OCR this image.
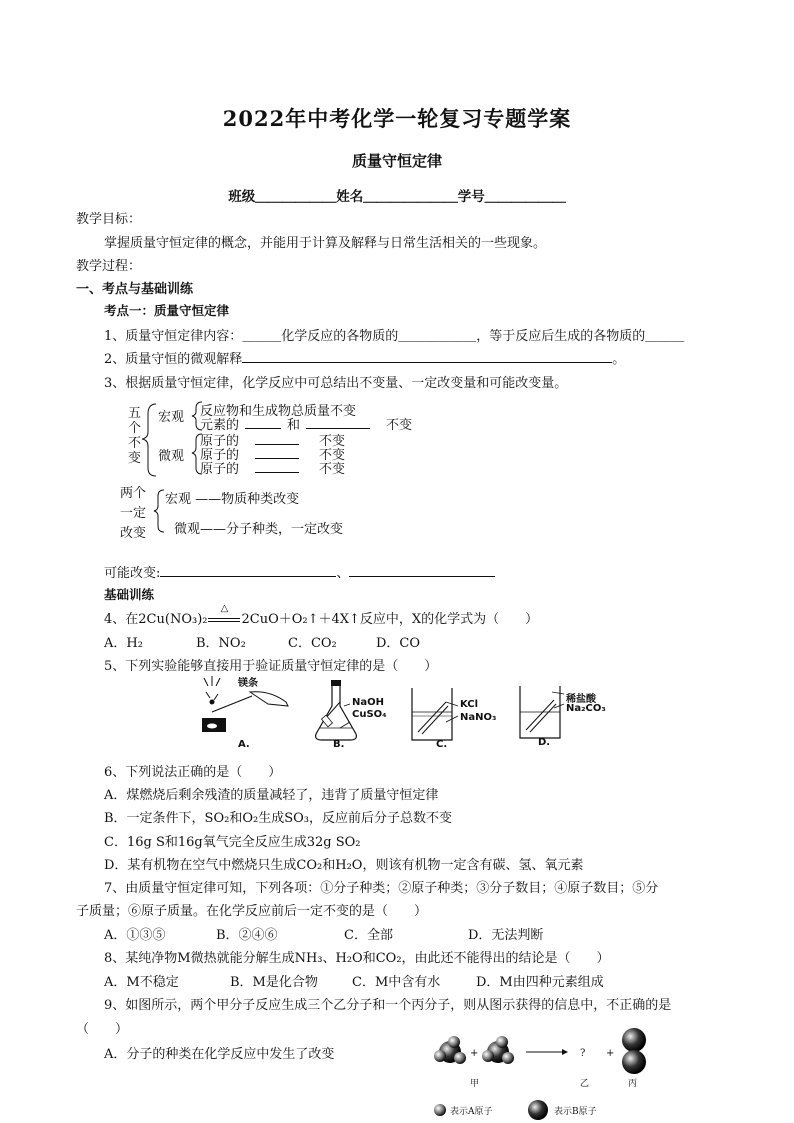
2022年中考化学一轮复习专题学案
质量守恒定律
班级＿＿＿＿＿＿姓名＿＿＿＿＿＿＿学号＿＿＿＿＿＿
教学目标：
掌握质量守恒定律的概念，并能用于计算及解释与日常生活相关的一些现象。
教学过程：
一、考点与基础训练
考点一：质量守恒定律
1、质量守恒定律内容：＿＿＿化学反应的各物质的＿＿＿＿＿＿，等于反应后生成的各物质的＿＿＿
2、质量守恒的微观解释	。
3、根据质量守恒定律，化学反应中可总结出不变量、一定改变量和可能改变量。
五
个
不
变
宏观
微观
反应物和生成物总质量不变
元素的	和	不变
原子的	不变
原子的	不变
原子的	不变
两个
一定
改变
宏观 ——物质种类改变
微观——分子种类，一定改变
可能改变:	、
基础训练
4、在2Cu(NO₃)₂
△
2CuO＋O₂↑＋4X↑反应中，X的化学式为（　　）
A．H₂	B．NO₂	C．CO₂	D．CO
5、下列实验能够直接用于验证质量守恒定律的是（　　）
镁条
NaOH
CuSO₄
KCl
NaNO₃
稀盐酸
Na₂CO₃
A.	B.	C.	D.
6、下列说法正确的是（　　）
A．煤燃烧后剩余残渣的质量减轻了，违背了质量守恒定律
B．一定条件下，SO₂和O₂生成SO₃，反应前后分子总数不变
C．16g S和16g氧气完全反应生成32g SO₂
D．某有机物在空气中燃烧只生成CO₂和H₂O，则该有机物一定含有碳、氢、氧元素
7、由质量守恒定律可知，下列各项：①分子种类；②原子种类；③分子数目；④原子数目；⑤分
子质量；⑥原子质量。在化学反应前后一定不变的是（　　）
A．①③⑤	B．②④⑥	C．全部	D．无法判断
8、某纯净物M微热就能分解生成NH₃、H₂O和CO₂，由此还不能得出的结论是（　　）
A．M不稳定	B．M是化合物	C．M中含有水	D．M由四种元素组成
9、如图所示，两个甲分子反应生成三个乙分子和一个丙分子，则从图示获得的信息中，不正确的是
（　　）
A．分子的种类在化学反应中发生了改变	+	? +
甲	乙	丙
表示A原子	表示B原子
